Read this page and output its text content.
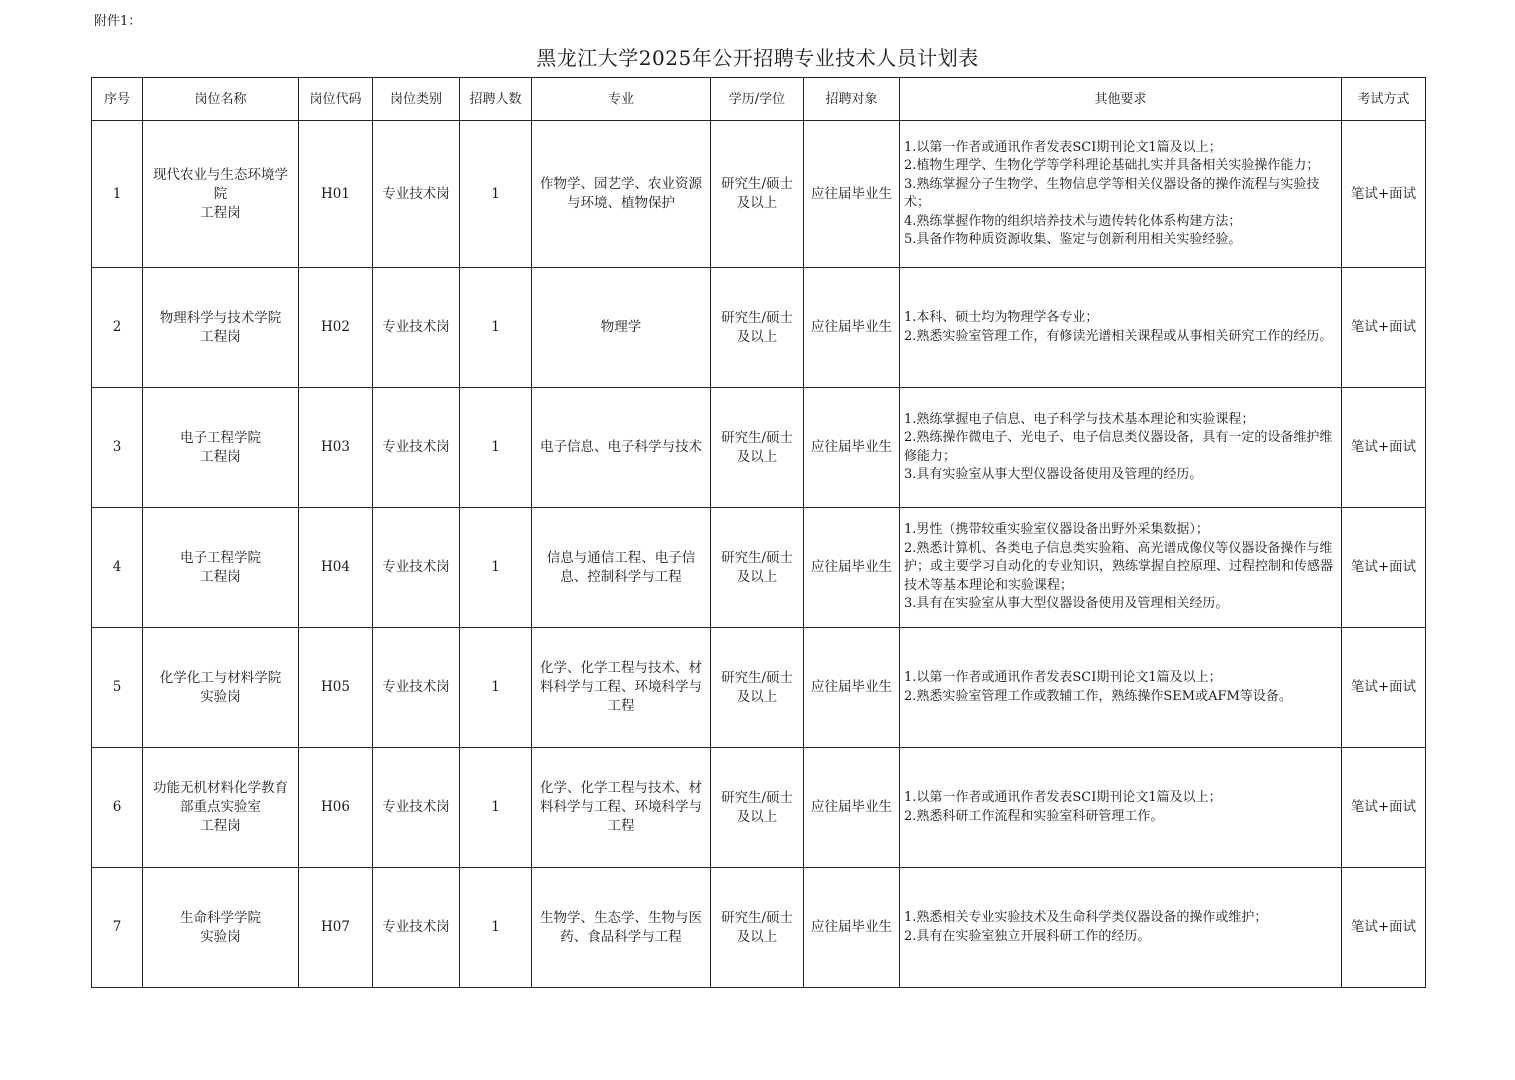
附件1：
黑龙江大学2025年公开招聘专业技术人员计划表
序号	岗位名称	岗位代码	岗位类别	招聘人数	专业	学历/学位	招聘对象	其他要求	考试方式
1	现代农业与生态环境学院
工程岗	H01	专业技术岗	1	作物学、园艺学、农业资源与环境、植物保护	研究生/硕士及以上	应往届毕业生	1.以第一作者或通讯作者发表SCI期刊论文1篇及以上；
2.植物生理学、生物化学等学科理论基础扎实并具备相关实验操作能力；
3.熟练掌握分子生物学、生物信息学等相关仪器设备的操作流程与实验技术；
4.熟练掌握作物的组织培养技术与遗传转化体系构建方法；
5.具备作物种质资源收集、鉴定与创新利用相关实验经验。	笔试+面试
2	物理科学与技术学院
工程岗	H02	专业技术岗	1	物理学	研究生/硕士及以上	应往届毕业生	1.本科、硕士均为物理学各专业；
2.熟悉实验室管理工作，有修读光谱相关课程或从事相关研究工作的经历。	笔试+面试
3	电子工程学院
工程岗	H03	专业技术岗	1	电子信息、电子科学与技术	研究生/硕士及以上	应往届毕业生	1.熟练掌握电子信息、电子科学与技术基本理论和实验课程；
2.熟练操作微电子、光电子、电子信息类仪器设备，具有一定的设备维护维修能力；
3.具有实验室从事大型仪器设备使用及管理的经历。	笔试+面试
4	电子工程学院
工程岗	H04	专业技术岗	1	信息与通信工程、电子信息、控制科学与工程	研究生/硕士及以上	应往届毕业生	1.男性（携带较重实验室仪器设备出野外采集数据）；
2.熟悉计算机、各类电子信息类实验箱、高光谱成像仪等仪器设备操作与维护；或主要学习自动化的专业知识，熟练掌握自控原理、过程控制和传感器技术等基本理论和实验课程；
3.具有在实验室从事大型仪器设备使用及管理相关经历。	笔试+面试
5	化学化工与材料学院
实验岗	H05	专业技术岗	1	化学、化学工程与技术、材料科学与工程、环境科学与工程	研究生/硕士及以上	应往届毕业生	1.以第一作者或通讯作者发表SCI期刊论文1篇及以上；
2.熟悉实验室管理工作或教辅工作，熟练操作SEM或AFM等设备。	笔试+面试
6	功能无机材料化学教育部重点实验室
工程岗	H06	专业技术岗	1	化学、化学工程与技术、材料科学与工程、环境科学与工程	研究生/硕士及以上	应往届毕业生	1.以第一作者或通讯作者发表SCI期刊论文1篇及以上；
2.熟悉科研工作流程和实验室科研管理工作。	笔试+面试
7	生命科学学院
实验岗	H07	专业技术岗	1	生物学、生态学、生物与医药、食品科学与工程	研究生/硕士及以上	应往届毕业生	1.熟悉相关专业实验技术及生命科学类仪器设备的操作或维护；
2.具有在实验室独立开展科研工作的经历。	笔试+面试
